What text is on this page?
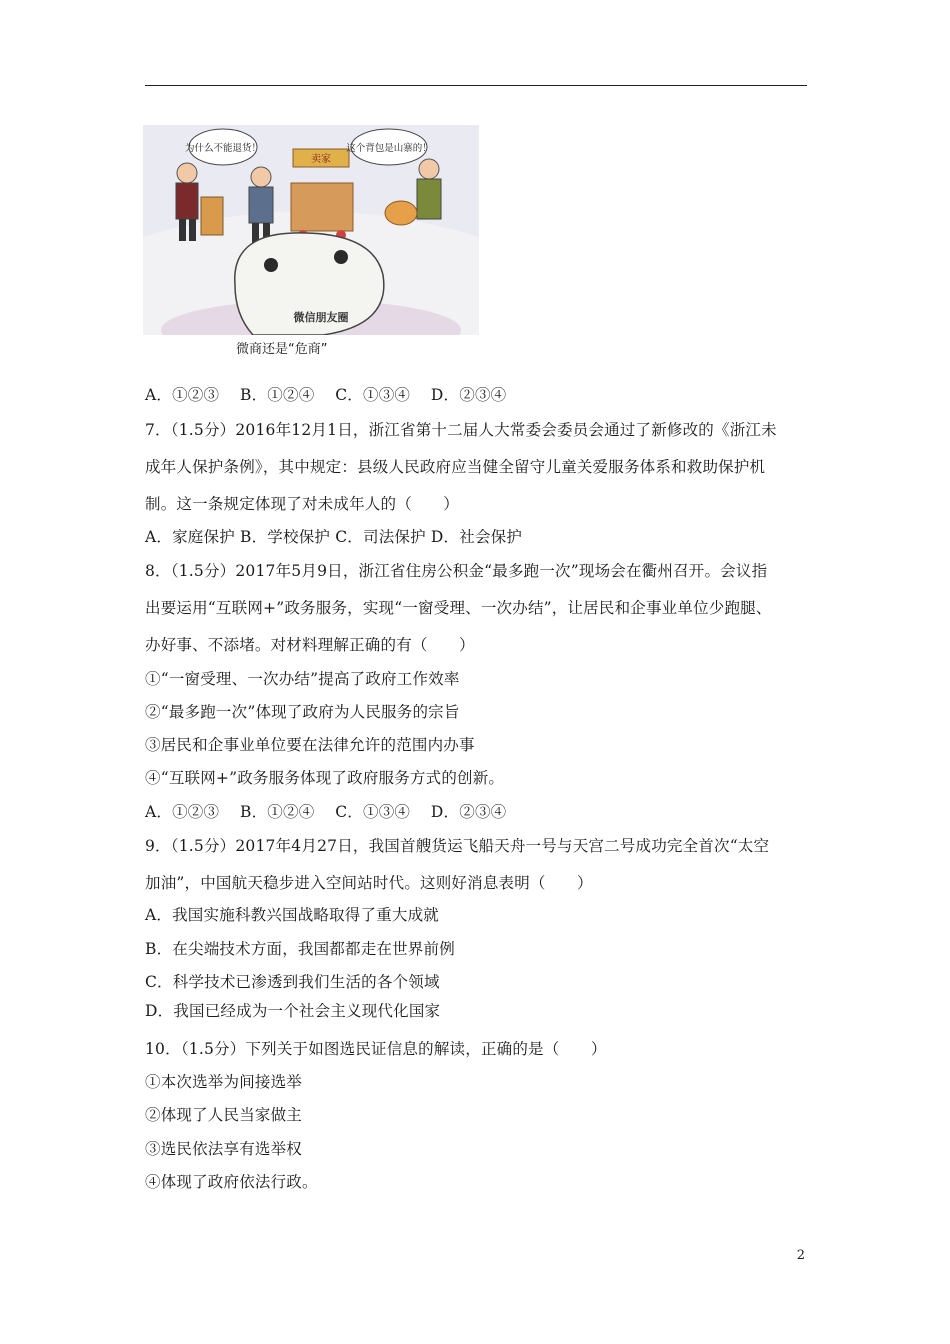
卖家
为什么不能退货！	这个背包是山寨的！
微信朋友圈
微商还是“危商”
A．①②③　 B．①②④　 C．①③④　 D．②③④
7．（1.5分）2016年12月1日，浙江省第十二届人大常委会委员会通过了新修改的《浙江未
成年人保护条例》，其中规定：县级人民政府应当健全留守儿童关爱服务体系和救助保护机
制。这一条规定体现了对未成年人的（　　）
A．家庭保护 B．学校保护 C．司法保护 D．社会保护
8．（1.5分）2017年5月9日，浙江省住房公积金“最多跑一次”现场会在衢州召开。会议指
出要运用“互联网+”政务服务，实现“一窗受理、一次办结”，让居民和企事业单位少跑腿、
办好事、不添堵。对材料理解正确的有（　　）
①“一窗受理、一次办结”提高了政府工作效率
②“最多跑一次”体现了政府为人民服务的宗旨
③居民和企事业单位要在法律允许的范围内办事
④“互联网+”政务服务体现了政府服务方式的创新。
A．①②③　 B．①②④　 C．①③④　 D．②③④
9．（1.5分）2017年4月27日，我国首艘货运飞船天舟一号与天宫二号成功完全首次“太空
加油”，中国航天稳步进入空间站时代。这则好消息表明（　　）
A．我国实施科教兴国战略取得了重大成就
B．在尖端技术方面，我国都都走在世界前例
C．科学技术已渗透到我们生活的各个领域
D．我国已经成为一个社会主义现代化国家
10．（1.5分）下列关于如图选民证信息的解读，正确的是（　　）
①本次选举为间接选举
②体现了人民当家做主
③选民依法享有选举权
④体现了政府依法行政。
2
